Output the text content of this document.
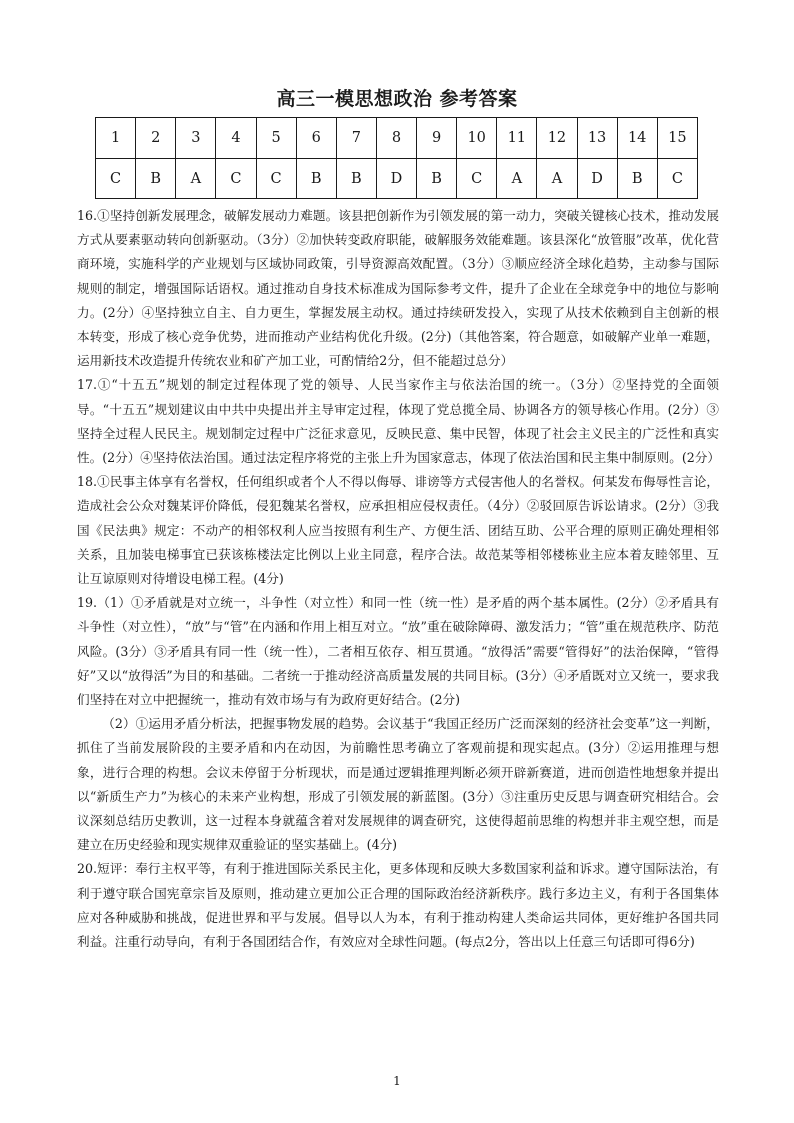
高三一模思想政治 参考答案
1	2	3	4	5	6	7	8	9	10	11	12	13	14	15
C	B	A	C	C	B	B	D	B	C	A	A	D	B	C

16.①坚持创新发展理念，破解发展动力难题。该县把创新作为引领发展的第一动力，突破关键核心技术，推动发展方式从要素驱动转向创新驱动。（3分）②加快转变政府职能，破解服务效能难题。该县深化“放管服”改革，优化营商环境，实施科学的产业规划与区域协同政策，引导资源高效配置。（3分）③顺应经济全球化趋势，主动参与国际规则的制定，增强国际话语权。通过推动自身技术标准成为国际参考文件，提升了企业在全球竞争中的地位与影响力。(2分）④坚持独立自主、自力更生，掌握发展主动权。通过持续研发投入，实现了从技术依赖到自主创新的根本转变，形成了核心竞争优势，进而推动产业结构优化升级。(2分)（其他答案，符合题意，如破解产业单一难题，运用新技术改造提升传统农业和矿产加工业，可酌情给2分，但不能超过总分）

17.①“十五五”规划的制定过程体现了党的领导、人民当家作主与依法治国的统一。（3分）②坚持党的全面领导。“十五五”规划建议由中共中央提出并主导审定过程，体现了党总揽全局、协调各方的领导核心作用。(2分）③坚持全过程人民民主。规划制定过程中广泛征求意见，反映民意、集中民智，体现了社会主义民主的广泛性和真实性。(2分）④坚持依法治国。通过法定程序将党的主张上升为国家意志，体现了依法治国和民主集中制原则。(2分）

18.①民事主体享有名誉权，任何组织或者个人不得以侮辱、诽谤等方式侵害他人的名誉权。何某发布侮辱性言论，造成社会公众对魏某评价降低，侵犯魏某名誉权，应承担相应侵权责任。（4分）②驳回原告诉讼请求。(2分）③我国《民法典》规定：不动产的相邻权利人应当按照有利生产、方便生活、团结互助、公平合理的原则正确处理相邻关系，且加装电梯事宜已获该栋楼法定比例以上业主同意，程序合法。故范某等相邻楼栋业主应本着友睦邻里、互让互谅原则对待增设电梯工程。(4分)

19.（1）①矛盾就是对立统一，斗争性（对立性）和同一性（统一性）是矛盾的两个基本属性。(2分）②矛盾具有斗争性（对立性），“放”与“管”在内涵和作用上相互对立。“放”重在破除障碍、激发活力；“管”重在规范秩序、防范风险。(3分）③矛盾具有同一性（统一性），二者相互依存、相互贯通。“放得活”需要“管得好”的法治保障，“管得好”又以“放得活”为目的和基础。二者统一于推动经济高质量发展的共同目标。(3分）④矛盾既对立又统一，要求我们坚持在对立中把握统一，推动有效市场与有为政府更好结合。(2分)

（2）①运用矛盾分析法，把握事物发展的趋势。会议基于“我国正经历广泛而深刻的经济社会变革”这一判断，抓住了当前发展阶段的主要矛盾和内在动因，为前瞻性思考确立了客观前提和现实起点。(3分）②运用推理与想象，进行合理的构想。会议未停留于分析现状，而是通过逻辑推理判断必须开辟新赛道，进而创造性地想象并提出以“新质生产力”为核心的未来产业构想，形成了引领发展的新蓝图。(3分）③注重历史反思与调查研究相结合。会议深刻总结历史教训，这一过程本身就蕴含着对发展规律的调查研究，这使得超前思维的构想并非主观空想，而是建立在历史经验和现实规律双重验证的坚实基础上。(4分)

20.短评：奉行主权平等，有利于推进国际关系民主化，更多体现和反映大多数国家利益和诉求。遵守国际法治，有利于遵守联合国宪章宗旨及原则，推动建立更加公正合理的国际政治经济新秩序。践行多边主义，有利于各国集体应对各种威胁和挑战，促进世界和平与发展。倡导以人为本，有利于推动构建人类命运共同体，更好维护各国共同利益。注重行动导向，有利于各国团结合作，有效应对全球性问题。(每点2分，答出以上任意三句话即可得6分)

1
